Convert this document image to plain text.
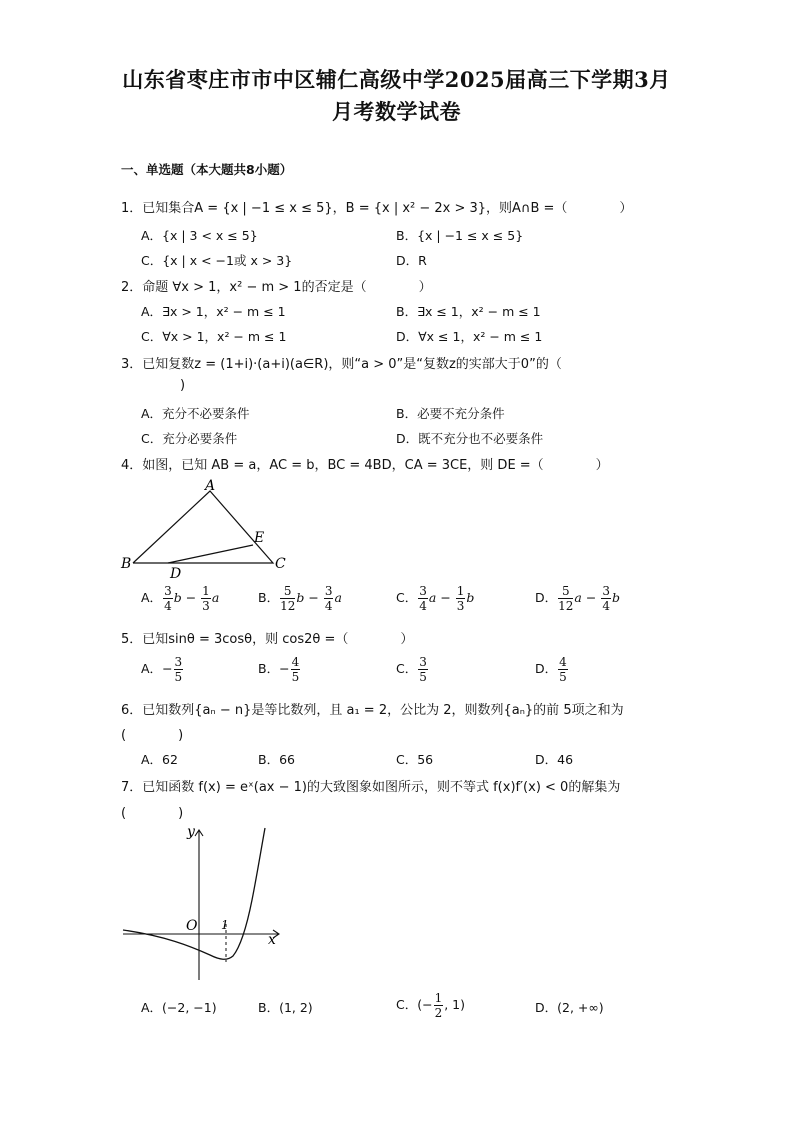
山东省枣庄市市中区辅仁高级中学2025届高三下学期3月
月考数学试卷
一、单选题（本大题共8小题）
1．已知集合A = {x | −1 ≤ x ≤ 5}，B = {x | x² − 2x > 3}，则A∩B =（　　　　）
A．{x | 3 < x ≤ 5}	B．{x | −1 ≤ x ≤ 5}
C．{x | x < −1或 x > 3}	D．R
2．命题 ∀x > 1，x² − m > 1的否定是（　　　　）
A．∃x > 1，x² − m ≤ 1	B．∃x ≤ 1，x² − m ≤ 1
C．∀x > 1，x² − m ≤ 1	D．∀x ≤ 1，x² − m ≤ 1
3．已知复数z = (1+i)·(a+i)(a∈R)，则“a > 0”是“复数z的实部大于0”的（
)
A．充分不必要条件	B．必要不充分条件
C．充分必要条件	D．既不充分也不必要条件
4．如图，已知 AB = a，AC = b，BC = 4BD，CA = 3CE，则 DE =（　　　　）
A
B	C
D
E
A． $\frac{3}{4}$ $b - \frac{1}{3}$ a	B． $\frac{5}{12}$ $b - \frac{3}{4}$ a	C． $\frac{3}{4}$ $a - \frac{1}{3}$ b	D． $\frac{5}{12}$ $a - \frac{3}{4}$ b
5．已知sinθ = 3cosθ，则 cos2θ =（　　　　）
A．− $\frac{3}{5}$	B．− $\frac{4}{5}$	C． $\frac{3}{5}$	D． $\frac{4}{5}$
6．已知数列{aₙ − n}是等比数列，且 a₁ = 2，公比为 2，则数列{aₙ}的前 5项之和为
(　　　　)
A．62	B．66	C．56	D．46
7．已知函数 f(x) = eˣ(ax − 1)的大致图象如图所示，则不等式 f(x)f′(x) < 0的解集为
(　　　　)
y
x
O 1
A．(−2, −1)	B．(1, 2)	C．(− $\frac{1}{2}$ , 1)	D．(2, +∞)
